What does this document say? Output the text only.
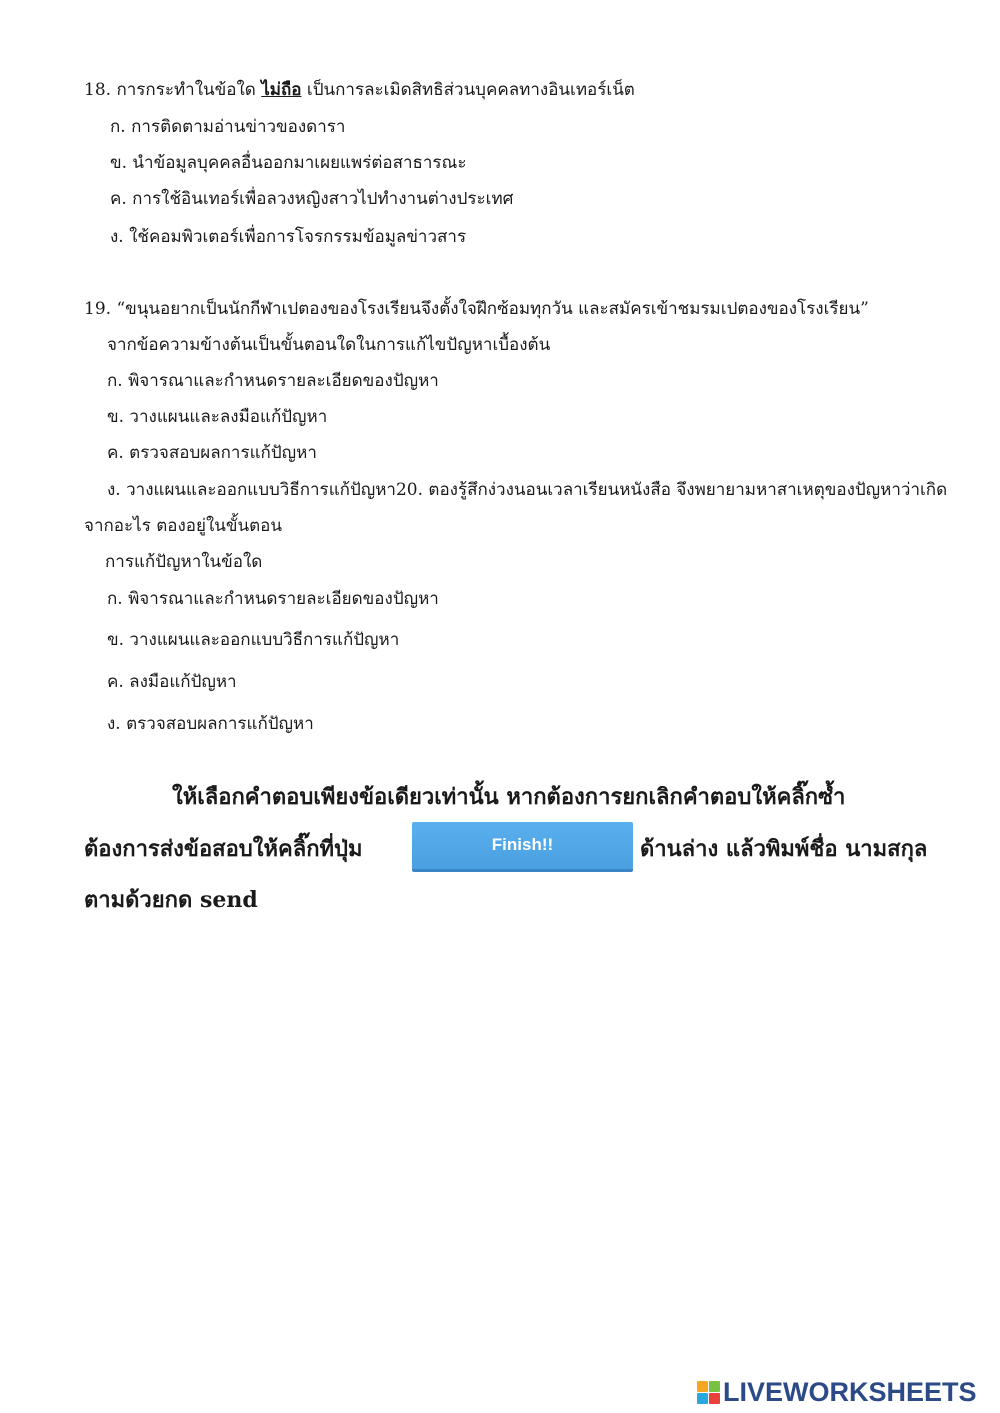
18. การกระทำในข้อใด ไม่ถือ เป็นการละเมิดสิทธิส่วนบุคคลทางอินเทอร์เน็ต
ก. การติดตามอ่านข่าวของดารา
ข. นำข้อมูลบุคคลอื่นออกมาเผยแพร่ต่อสาธารณะ
ค. การใช้อินเทอร์เพื่อลวงหญิงสาวไปทำงานต่างประเทศ
ง. ใช้คอมพิวเตอร์เพื่อการโจรกรรมข้อมูลข่าวสาร
19. “ขนุนอยากเป็นนักกีฬาเปตองของโรงเรียนจึงตั้งใจฝึกซ้อมทุกวัน และสมัครเข้าชมรมเปตองของโรงเรียน”
จากข้อความข้างต้นเป็นขั้นตอนใดในการแก้ไขปัญหาเบื้องต้น
ก. พิจารณาและกำหนดรายละเอียดของปัญหา
ข. วางแผนและลงมือแก้ปัญหา
ค. ตรวจสอบผลการแก้ปัญหา
ง. วางแผนและออกแบบวิธีการแก้ปัญหา20. ตองรู้สึกง่วงนอนเวลาเรียนหนังสือ จึงพยายามหาสาเหตุของปัญหาว่าเกิด
จากอะไร ตองอยู่ในขั้นตอน
การแก้ปัญหาในข้อใด
ก. พิจารณาและกำหนดรายละเอียดของปัญหา
ข. วางแผนและออกแบบวิธีการแก้ปัญหา
ค. ลงมือแก้ปัญหา
ง. ตรวจสอบผลการแก้ปัญหา
ให้เลือกคำตอบเพียงข้อเดียวเท่านั้น หากต้องการยกเลิกคำตอบให้คลิ๊กซ้ำ
ต้องการส่งข้อสอบให้คลิ๊กที่ปุ่ม	Finish!!	ด้านล่าง แล้วพิมพ์ชื่อ นามสกุล
ตามด้วยกด send
LIVEWORKSHEETS
